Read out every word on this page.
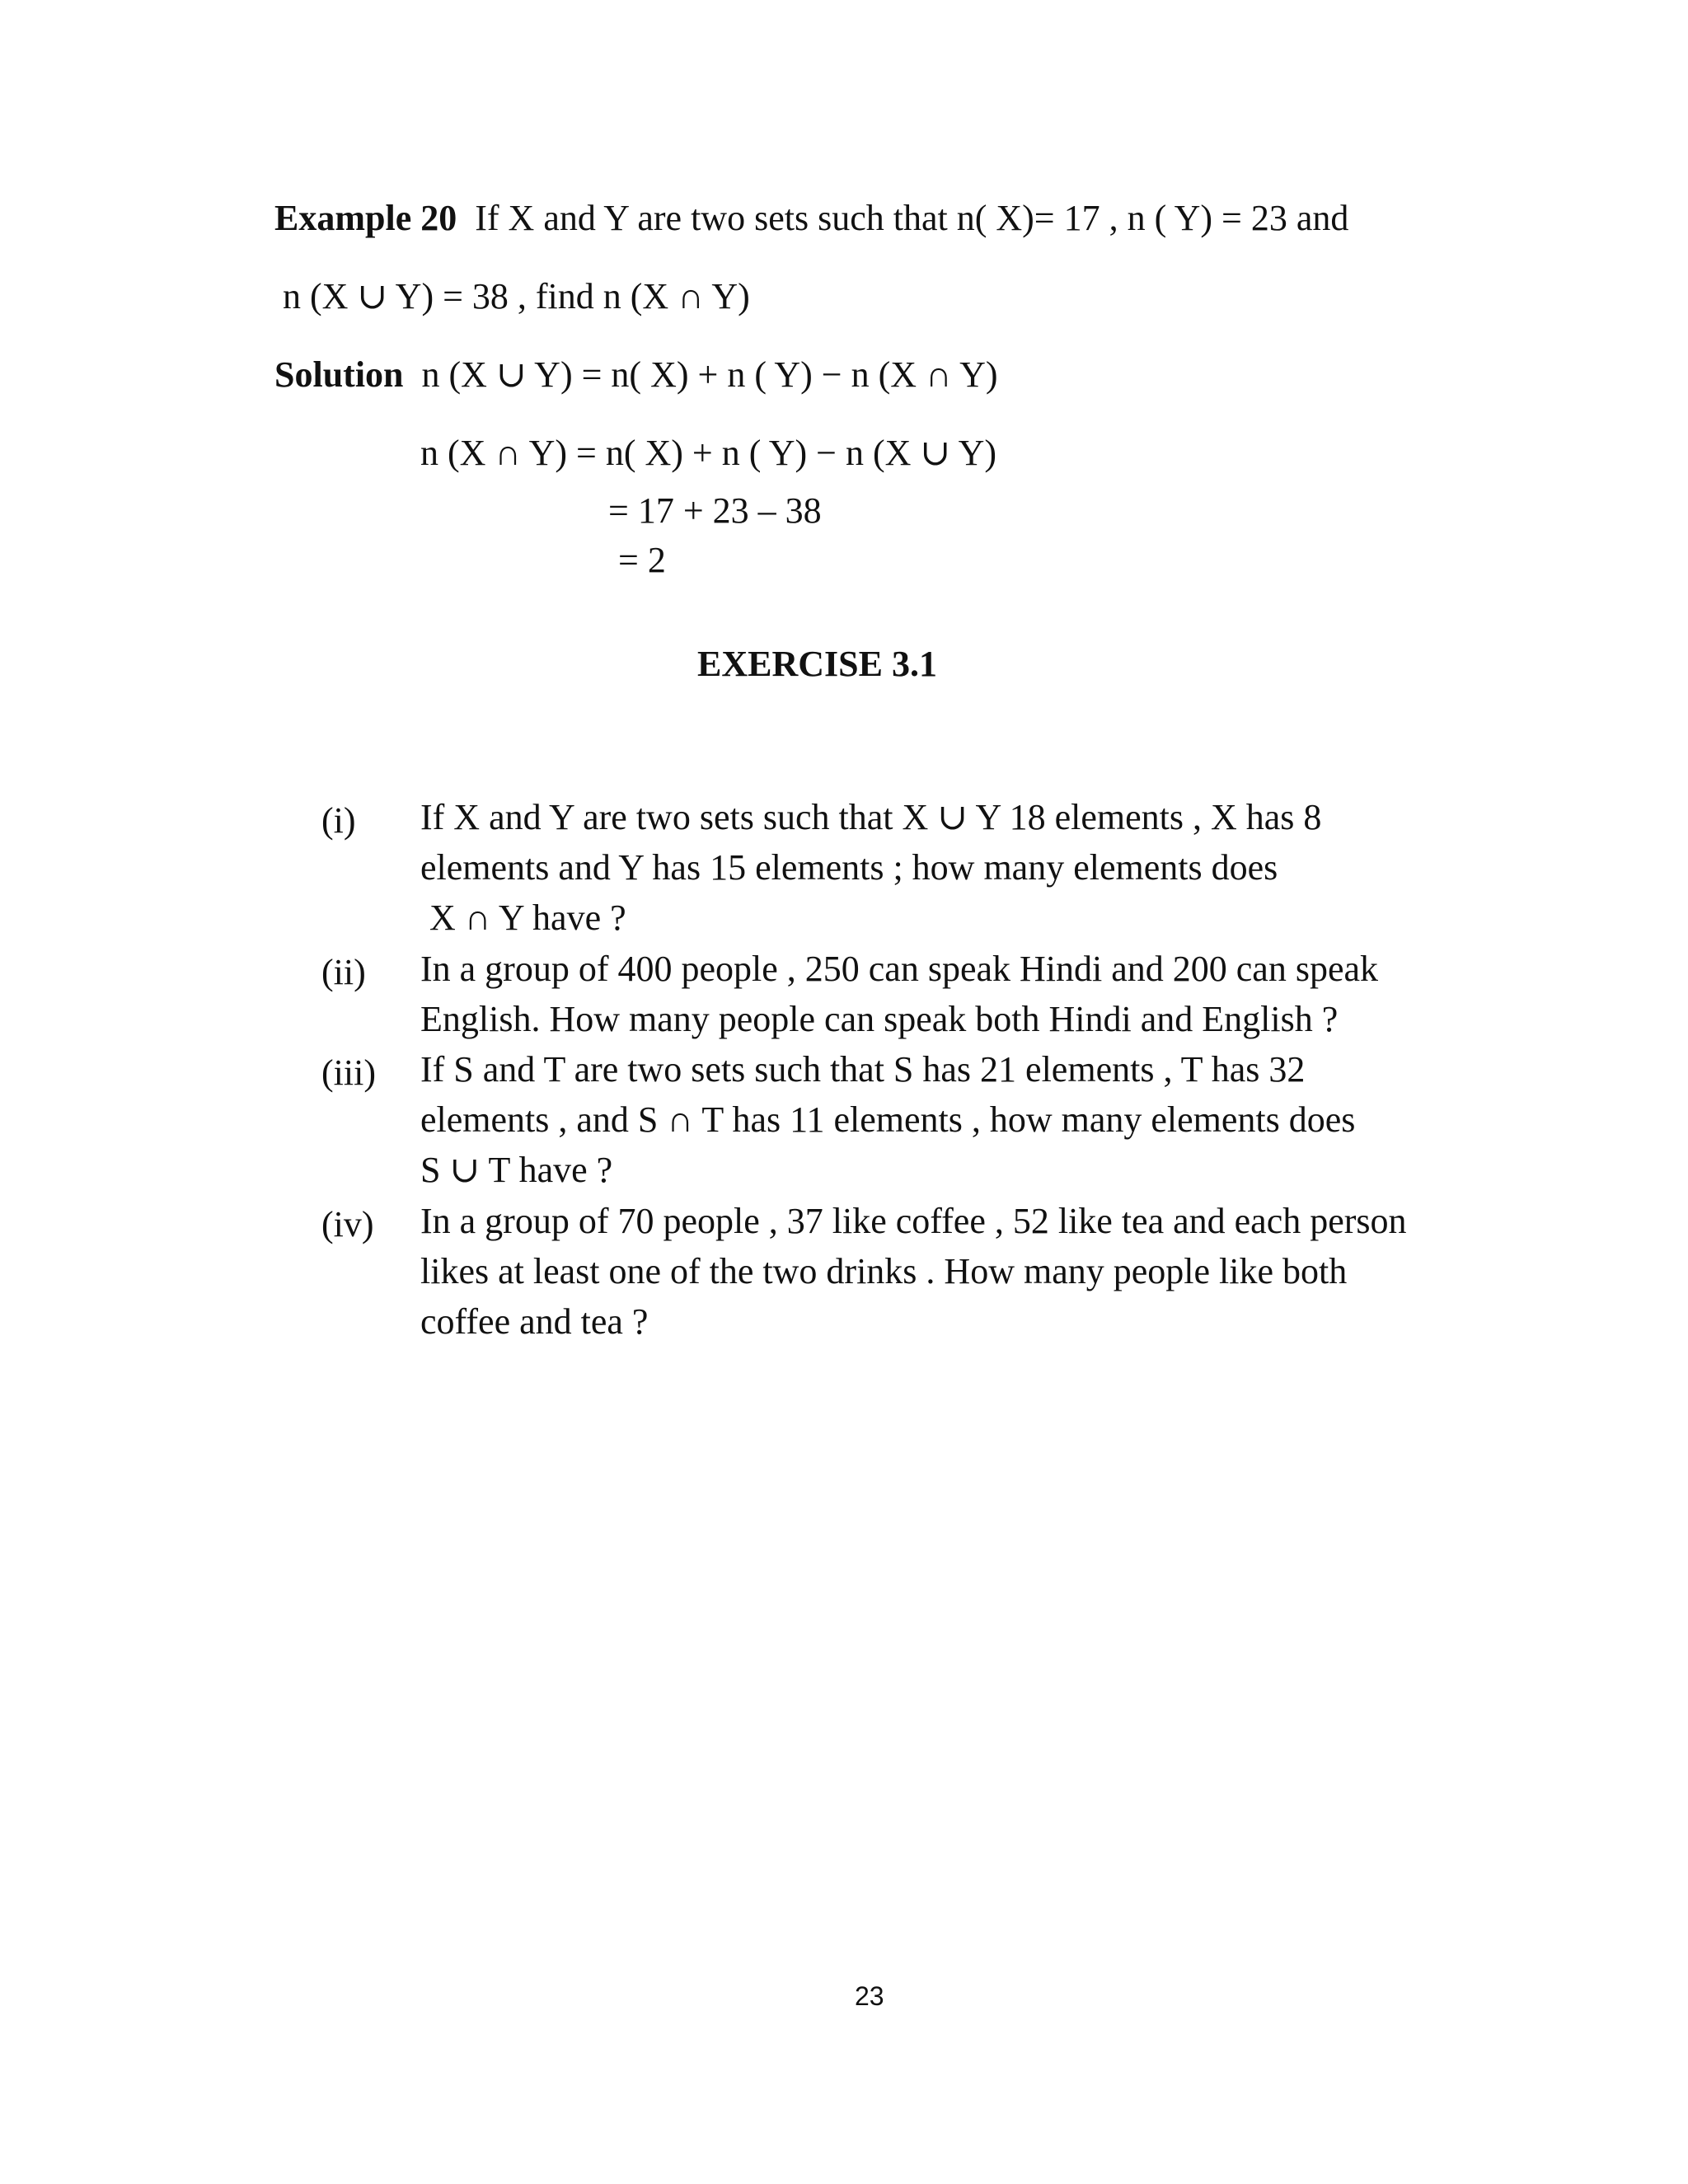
Example 20 If X and Y are two sets such that n( X)= 17 , n ( Y) = 23 and
n (X ∪ Y) = 38 , find n (X ∩ Y)
Solution n (X ∪ Y) = n( X) + n ( Y) − n (X ∩ Y)
n (X ∩ Y) = n( X) + n ( Y) − n (X ∪ Y)
= 17 + 23 – 38
= 2
EXERCISE 3.1
(i) If X and Y are two sets such that X ∪ Y 18 elements , X has 8
elements and Y has 15 elements ; how many elements does
X ∩ Y have ?
(ii) In a group of 400 people , 250 can speak Hindi and 200 can speak
English. How many people can speak both Hindi and English ?
(iii) If S and T are two sets such that S has 21 elements , T has 32
elements , and S ∩ T has 11 elements , how many elements does
S ∪ T have ?
(iv) In a group of 70 people , 37 like coffee , 52 like tea and each person
likes at least one of the two drinks . How many people like both
coffee and tea ?
23
